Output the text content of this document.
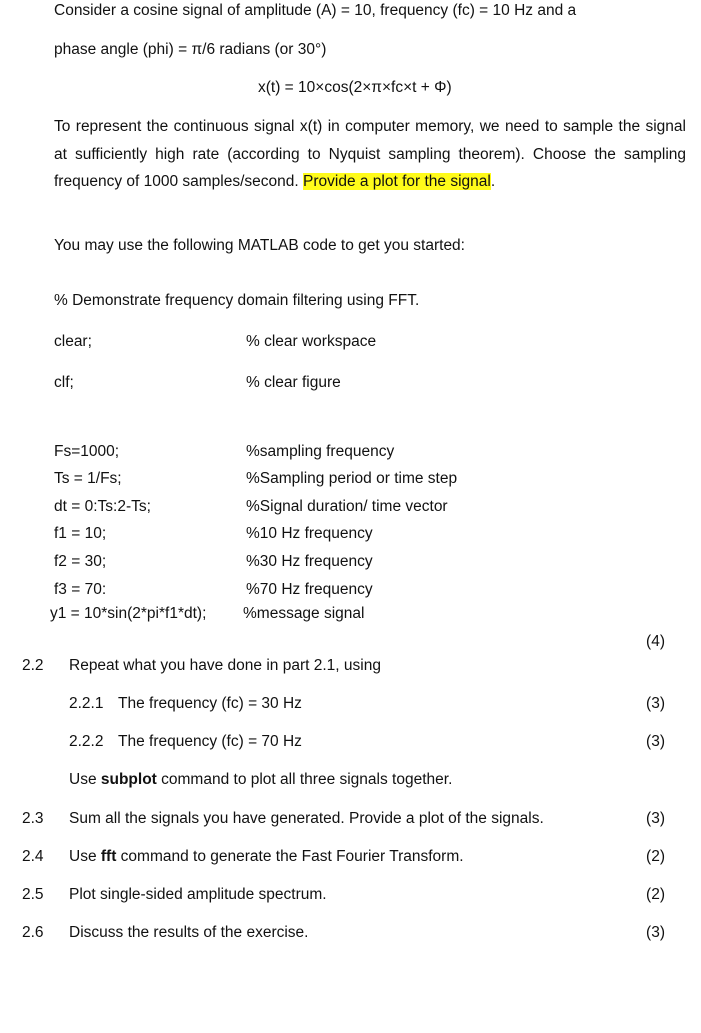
Consider a cosine signal of amplitude (A) = 10, frequency (fc) = 10 Hz and a
phase angle (phi) = π/6 radians (or 30°)
x(t) = 10×cos(2×π×fc×t + Φ)
To represent the continuous signal x(t) in computer memory, we need to sample the signal at sufficiently high rate (according to Nyquist sampling theorem). Choose the sampling frequency of 1000 samples/second. Provide a plot for the signal.
You may use the following MATLAB code to get you started:
% Demonstrate frequency domain filtering using FFT.
clear;	% clear workspace
clf;	% clear figure
Fs=1000;	%sampling frequency
Ts = 1/Fs;	%Sampling period or time step
dt = 0:Ts:2-Ts;	%Signal duration/ time vector
f1 = 10;	%10 Hz frequency
f2 = 30;	%30 Hz frequency
f3 = 70:	%70 Hz frequency
y1 = 10*sin(2*pi*f1*dt); %message signal
(4)
2.2 Repeat what you have done in part 2.1, using
2.2.1 The frequency (fc) = 30 Hz	(3)
2.2.2 The frequency (fc) = 70 Hz	(3)
Use subplot command to plot all three signals together.
2.3 Sum all the signals you have generated. Provide a plot of the signals.	(3)
2.4 Use fft command to generate the Fast Fourier Transform.	(2)
2.5 Plot single-sided amplitude spectrum.	(2)
2.6 Discuss the results of the exercise.	(3)
